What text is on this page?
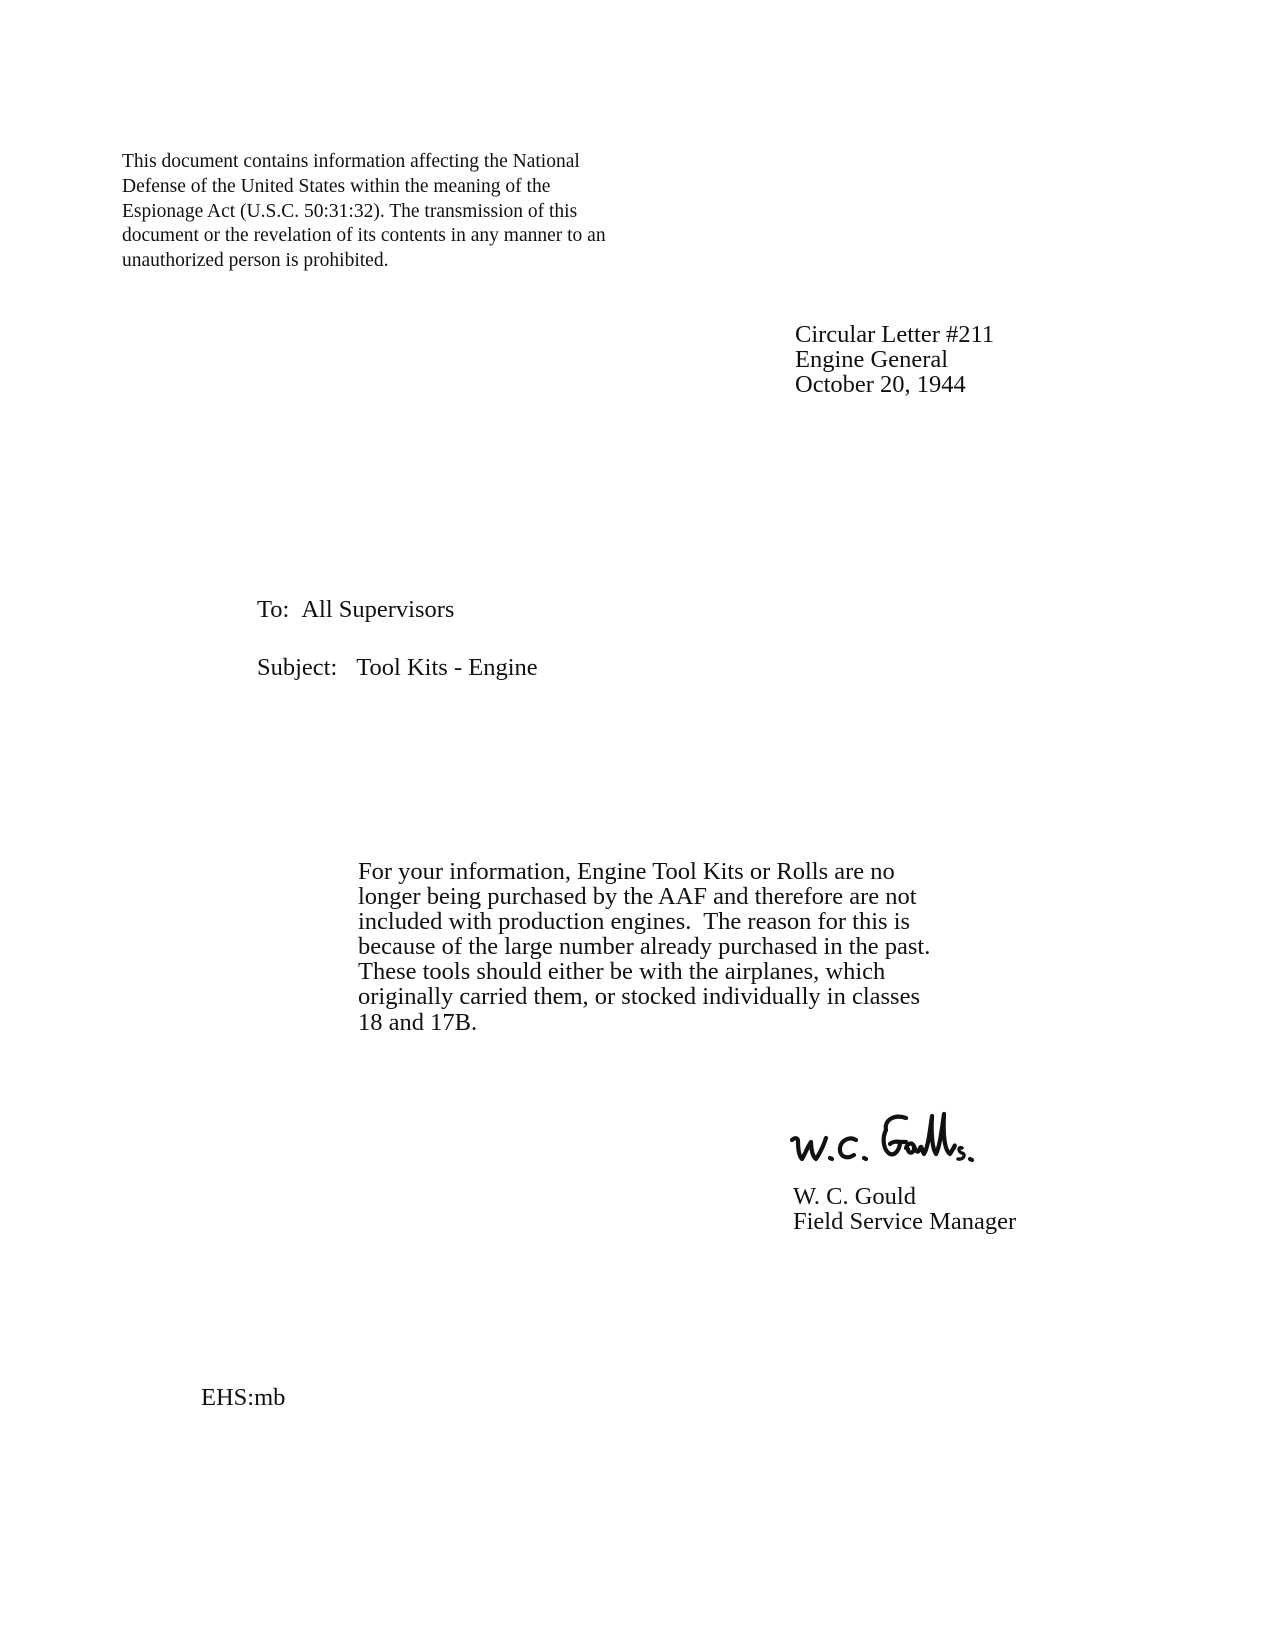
This document contains information affecting the National
Defense of the United States within the meaning of the
Espionage Act (U.S.C. 50:31:32). The transmission of this
document or the revelation of its contents in any manner to an
unauthorized person is prohibited.
Circular Letter #211
Engine General
October 20, 1944
To: All Supervisors
Subject: Tool Kits - Engine
For your information, Engine Tool Kits or Rolls are no
longer being purchased by the AAF and therefore are not
included with production engines.  The reason for this is
because of the large number already purchased in the past.
These tools should either be with the airplanes, which
originally carried them, or stocked individually in classes
18 and 17B.
W. C. Gould
Field Service Manager
EHS:mb
